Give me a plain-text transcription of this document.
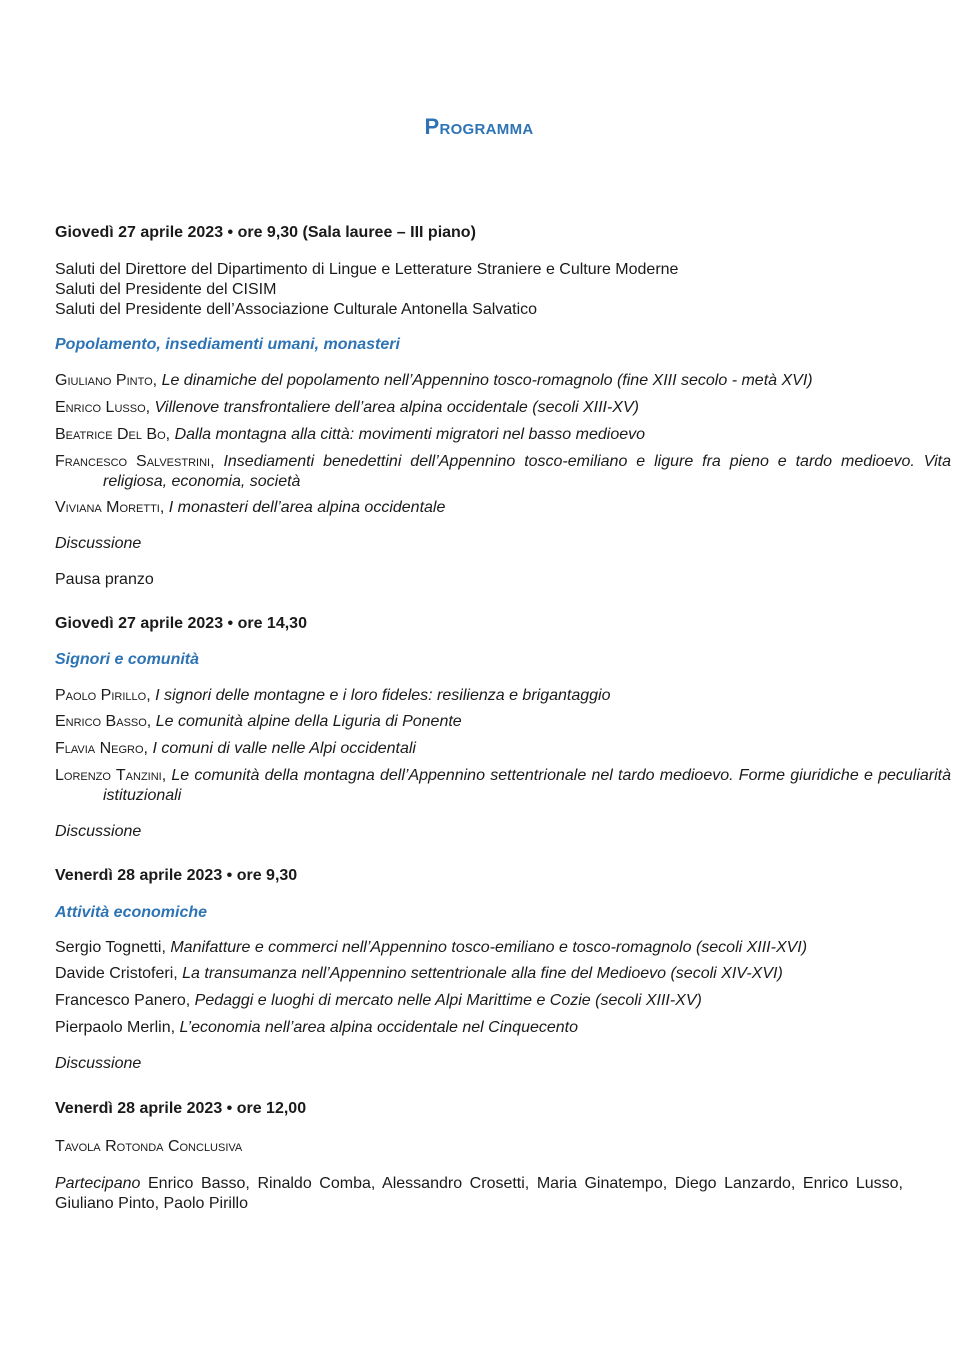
Programma
Giovedì 27 aprile 2023 • ore 9,30 (Sala lauree – III piano)
Saluti del Direttore del Dipartimento di Lingue e Letterature Straniere e Culture Moderne
Saluti del Presidente del CISIM
Saluti del Presidente dell’Associazione Culturale Antonella Salvatico
Popolamento, insediamenti umani, monasteri
Giuliano Pinto, Le dinamiche del popolamento nell’Appennino tosco-romagnolo (fine XIII secolo - metà XVI)
Enrico Lusso, Villenove transfrontaliere dell’area alpina occidentale (secoli XIII-XV)
Beatrice Del Bo, Dalla montagna alla città: movimenti migratori nel basso medioevo
Francesco Salvestrini, Insediamenti benedettini dell’Appennino tosco-emiliano e ligure fra pieno e tardo medioevo. Vita religiosa, economia, società
Viviana Moretti, I monasteri dell’area alpina occidentale
Discussione
Pausa pranzo
Giovedì 27 aprile 2023 • ore 14,30
Signori e comunità
Paolo Pirillo, I signori delle montagne e i loro fideles: resilienza e brigantaggio
Enrico Basso, Le comunità alpine della Liguria di Ponente
Flavia Negro, I comuni di valle nelle Alpi occidentali
Lorenzo Tanzini, Le comunità della montagna dell’Appennino settentrionale nel tardo medioevo. Forme giuridiche e peculiarità istituzionali
Discussione
Venerdì 28 aprile 2023 • ore 9,30
Attività economiche
Sergio Tognetti, Manifatture e commerci nell’Appennino tosco-emiliano e tosco-romagnolo (secoli XIII-XVI)
Davide Cristoferi, La transumanza nell’Appennino settentrionale alla fine del Medioevo (secoli XIV-XVI)
Francesco Panero, Pedaggi e luoghi di mercato nelle Alpi Marittime e Cozie (secoli XIII-XV)
Pierpaolo Merlin, L’economia nell’area alpina occidentale nel Cinquecento
Discussione
Venerdì 28 aprile 2023 • ore 12,00
Tavola Rotonda Conclusiva
Partecipano Enrico Basso, Rinaldo Comba, Alessandro Crosetti, Maria Ginatempo, Diego Lanzardo, Enrico Lusso, Giuliano Pinto, Paolo Pirillo
